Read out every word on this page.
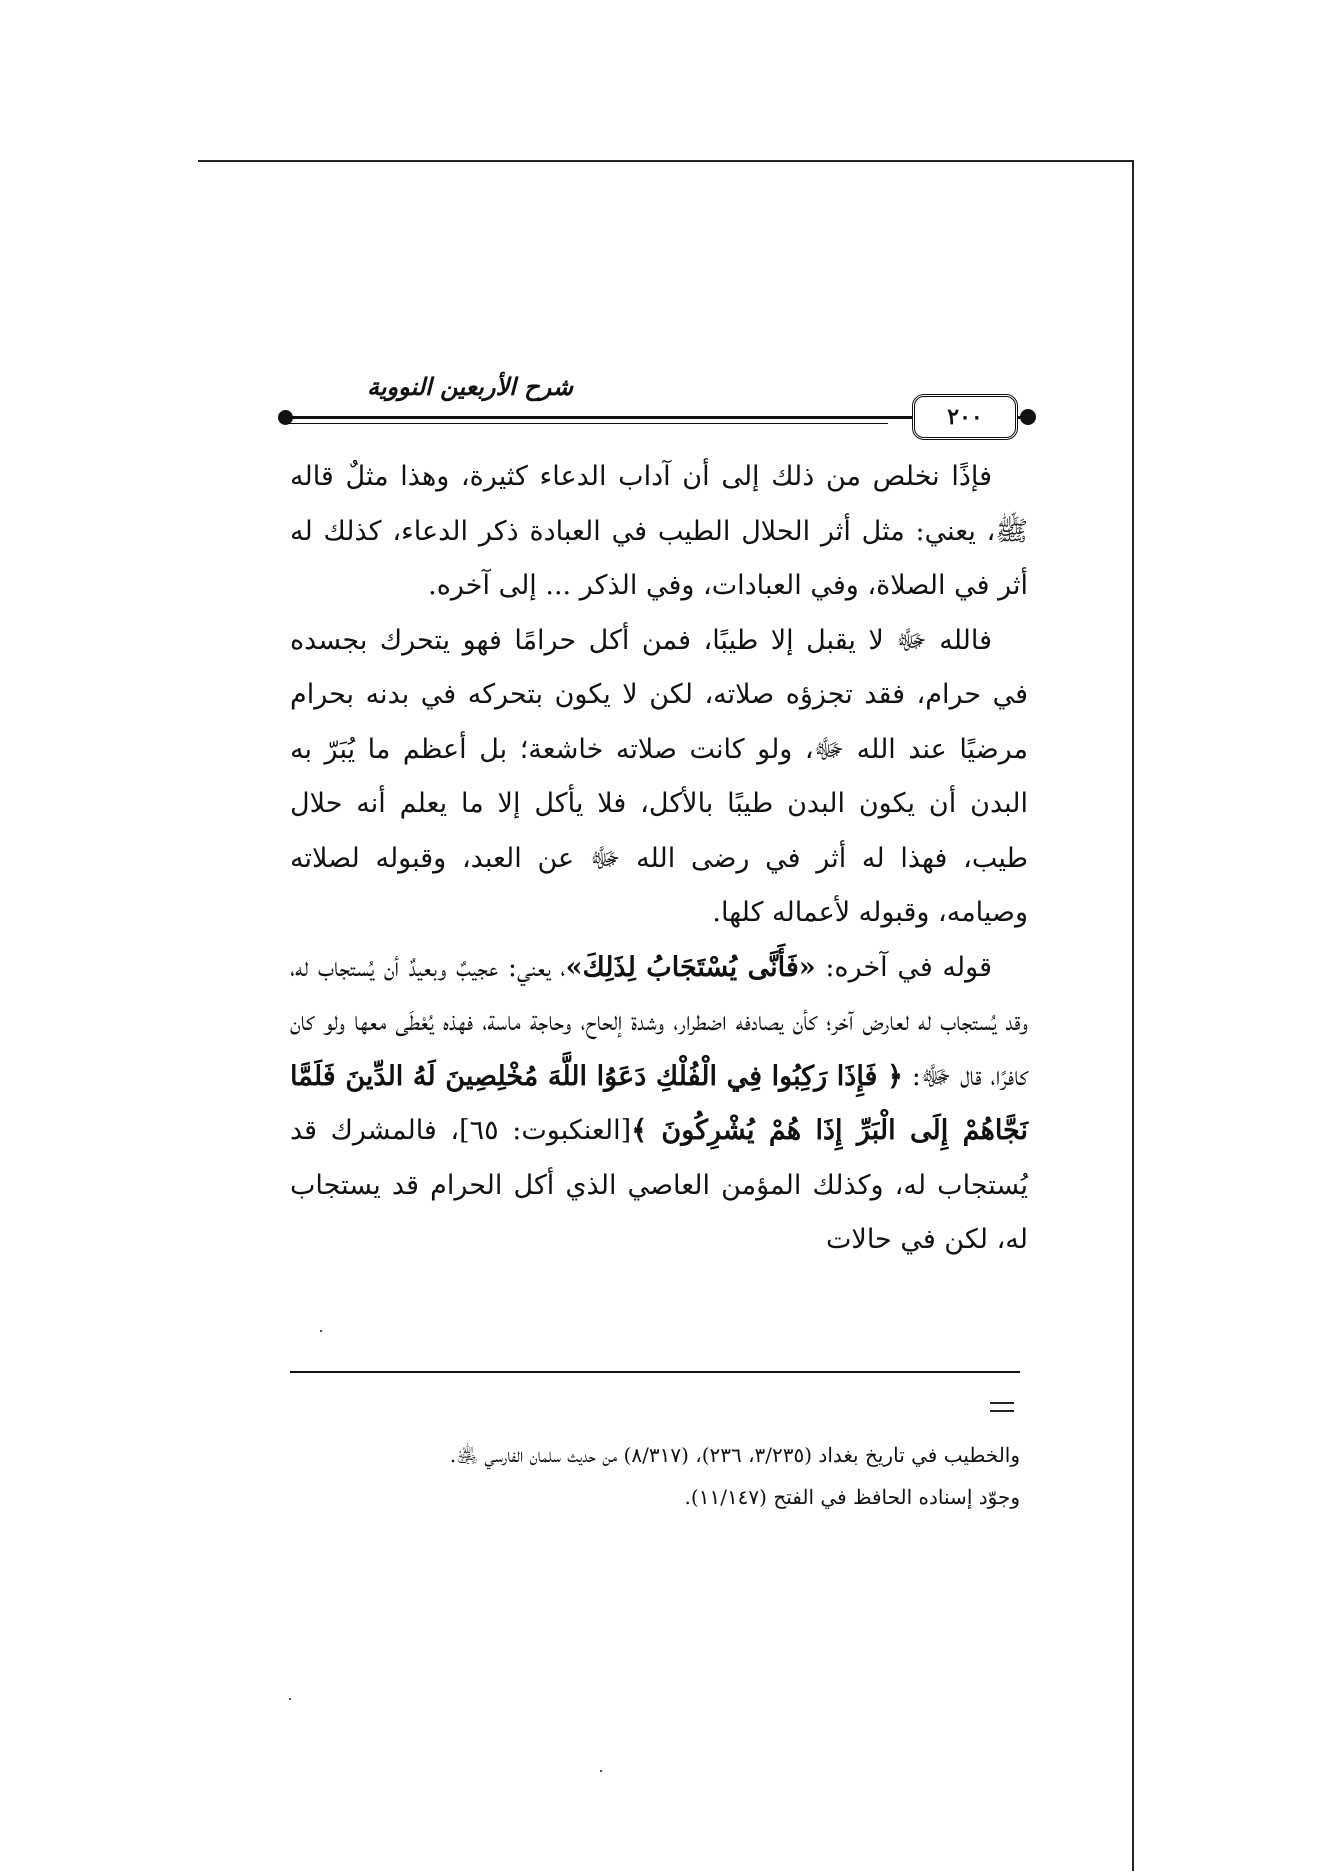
شرح الأربعين النووية
٢٠٠

فإذًا نخلص من ذلك إلى أن آداب الدعاء كثيرة، وهذا مثلٌ قاله ﷺ، يعني: مثل أثر الحلال الطيب في العبادة ذكر الدعاء، كذلك له أثر في الصلاة، وفي العبادات، وفي الذكر ... إلى آخره.

فالله ﷻ لا يقبل إلا طيبًا، فمن أكل حرامًا فهو يتحرك بجسده في حرام، فقد تجزؤه صلاته، لكن لا يكون بتحركه في بدنه بحرام مرضيًا عند الله ﷻ، ولو كانت صلاته خاشعة؛ بل أعظم ما يُبَرّ به البدن أن يكون البدن طيبًا بالأكل، فلا يأكل إلا ما يعلم أنه حلال طيب، فهذا له أثر في رضى الله ﷻ عن العبد، وقبوله لصلاته وصيامه، وقبوله لأعماله كلها.

قوله في آخره: «فَأَنَّى يُسْتَجَابُ لِذَلِكَ»، يعني: عجيبٌ وبعيدٌ أن يُستجاب له، وقد يُستجاب له لعارض آخر؛ كأن يصادفه اضطرار، وشدة إلحاح، وحاجة ماسة، فهذه يُعْطَى معها ولو كان كافرًا، قال ﷻ: ﴿ فَإِذَا رَكِبُوا فِي الْفُلْكِ دَعَوُا اللَّهَ مُخْلِصِينَ لَهُ الدِّينَ فَلَمَّا نَجَّاهُمْ إِلَى الْبَرِّ إِذَا هُمْ يُشْرِكُونَ ﴾[العنكبوت: ٦٥]، فالمشرك قد يُستجاب له، وكذلك المؤمن العاصي الذي أكل الحرام قد يستجاب له، لكن في حالات

والخطيب في تاريخ بغداد (٣/٢٣٥، ٢٣٦)، (٨/٣١٧) من حديث سلمان الفارسي ﵁.

وجوّد إسناده الحافظ في الفتح (١١/١٤٧).
